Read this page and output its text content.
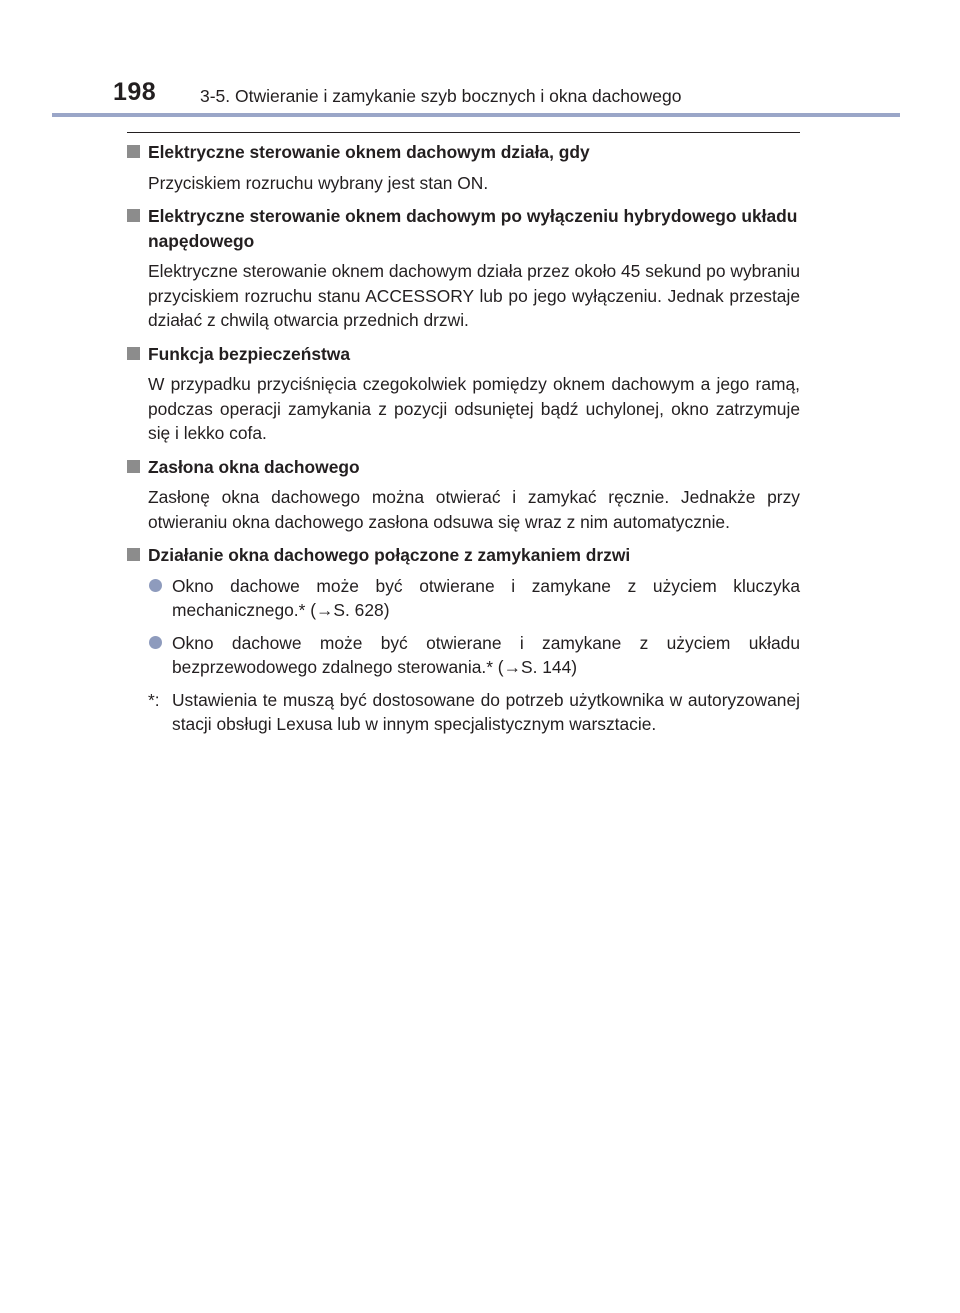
198	3-5. Otwieranie i zamykanie szyb bocznych i okna dachowego
Elektryczne sterowanie oknem dachowym działa, gdy
Przyciskiem rozruchu wybrany jest stan ON.
Elektryczne sterowanie oknem dachowym po wyłączeniu hybrydowego układu napędowego
Elektryczne sterowanie oknem dachowym działa przez około 45 sekund po wybraniu przyciskiem rozruchu stanu ACCESSORY lub po jego wyłączeniu. Jednak przestaje działać z chwilą otwarcia przednich drzwi.
Funkcja bezpieczeństwa
W przypadku przyciśnięcia czegokolwiek pomiędzy oknem dachowym a jego ramą, podczas operacji zamykania z pozycji odsuniętej bądź uchylonej, okno zatrzymuje się i lekko cofa.
Zasłona okna dachowego
Zasłonę okna dachowego można otwierać i zamykać ręcznie. Jednakże przy otwieraniu okna dachowego zasłona odsuwa się wraz z nim automatycznie.
Działanie okna dachowego połączone z zamykaniem drzwi
Okno dachowe może być otwierane i zamykane z użyciem kluczyka mechanicznego.* (→S. 628)
Okno dachowe może być otwierane i zamykane z użyciem układu bezprzewodowego zdalnego sterowania.* (→S. 144)
*: Ustawienia te muszą być dostosowane do potrzeb użytkownika w autoryzowanej stacji obsługi Lexusa lub w innym specjalistycznym warsztacie.
